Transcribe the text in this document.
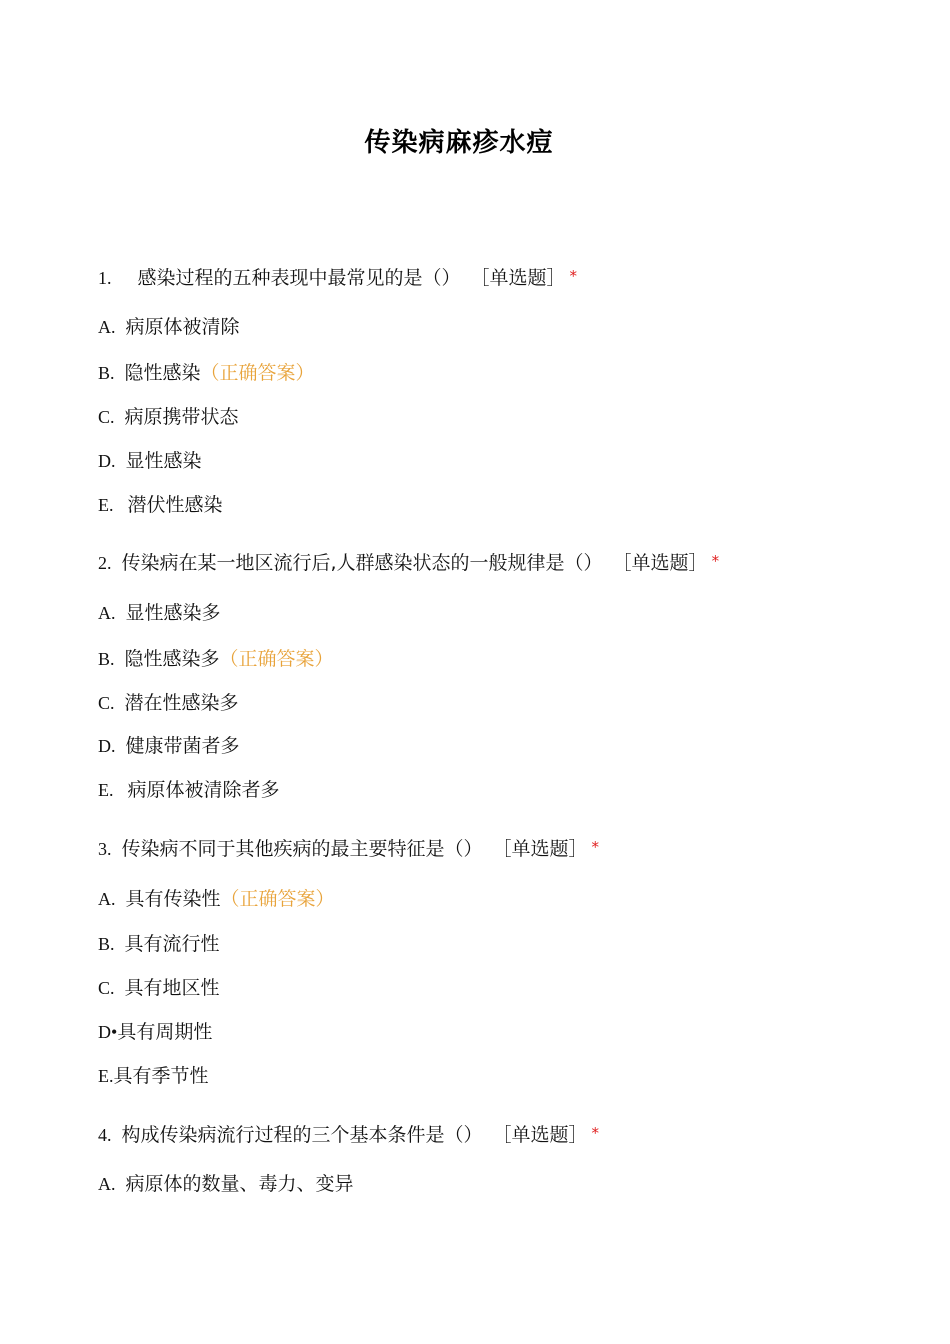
传染病麻疹水痘
1. 感染过程的五种表现中最常见的是（） ［单选题］ *
A. 病原体被清除
B. 隐性感染（正确答案）
C. 病原携带状态
D. 显性感染
E. 潜伏性感染
2. 传染病在某一地区流行后,人群感染状态的一般规律是（） ［单选题］ *
A. 显性感染多
B. 隐性感染多（正确答案）
C. 潜在性感染多
D. 健康带菌者多
E. 病原体被清除者多
3. 传染病不同于其他疾病的最主要特征是（） ［单选题］ *
A. 具有传染性（正确答案）
B. 具有流行性
C. 具有地区性
D•具有周期性
E.具有季节性
4. 构成传染病流行过程的三个基本条件是（） ［单选题］ *
A. 病原体的数量、毒力、变异
